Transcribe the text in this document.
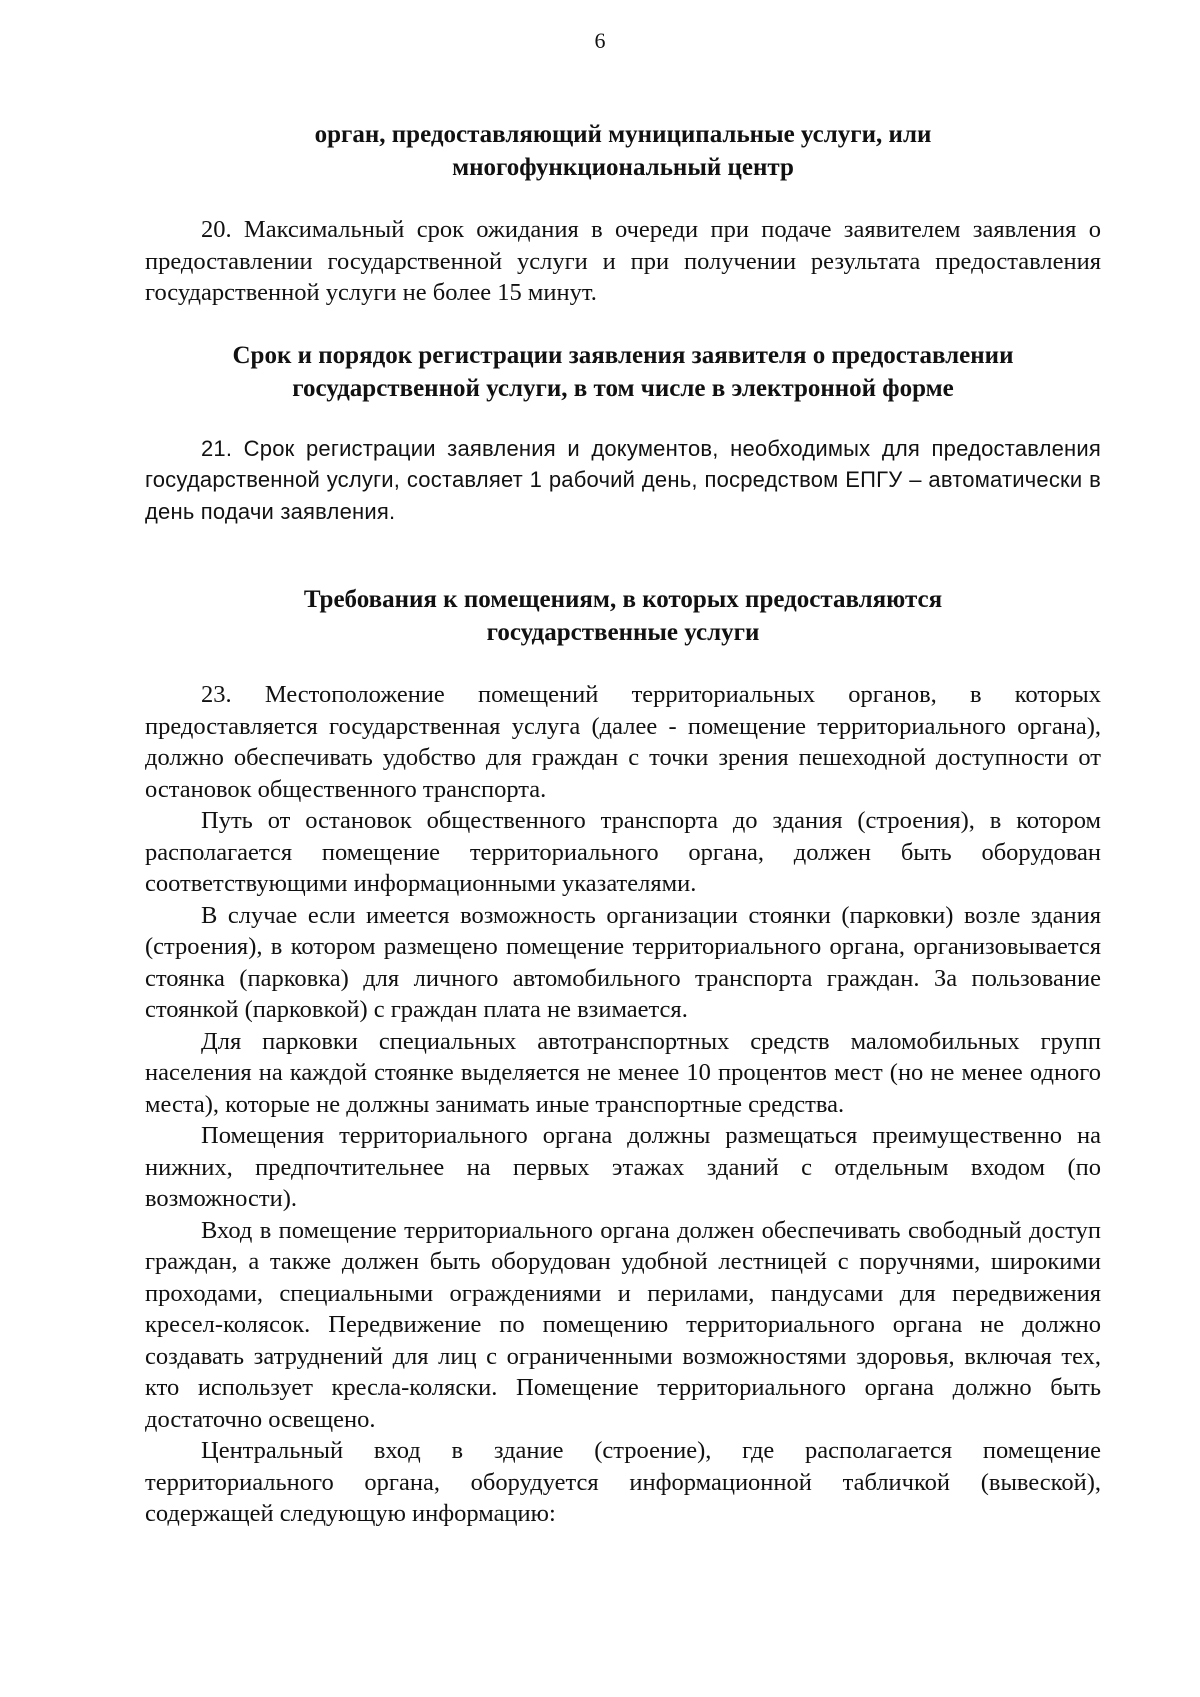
6
орган, предоставляющий муниципальные услуги, или
многофункциональный центр

20. Максимальный срок ожидания в очереди при подаче заявителем заявления о предоставлении государственной услуги и при получении результата предоставления государственной услуги не более 15 минут.

Срок и порядок регистрации заявления заявителя о предоставлении
государственной услуги, в том числе в электронной форме

21. Срок регистрации заявления и документов, необходимых для предоставления государственной услуги, составляет 1 рабочий день, посредством ЕПГУ – автоматически в день подачи заявления.

Требования к помещениям, в которых предоставляются
государственные услуги

23. Местоположение помещений территориальных органов, в которых предоставляется государственная услуга (далее - помещение территориального органа), должно обеспечивать удобство для граждан с точки зрения пешеходной доступности от остановок общественного транспорта.

Путь от остановок общественного транспорта до здания (строения), в котором располагается помещение территориального органа, должен быть оборудован соответствующими информационными указателями.

В случае если имеется возможность организации стоянки (парковки) возле здания (строения), в котором размещено помещение территориального органа, организовывается стоянка (парковка) для личного автомобильного транспорта граждан. За пользование стоянкой (парковкой) с граждан плата не взимается.

Для парковки специальных автотранспортных средств маломобильных групп населения на каждой стоянке выделяется не менее 10 процентов мест (но не менее одного места), которые не должны занимать иные транспортные средства.

Помещения территориального органа должны размещаться преимущественно на нижних, предпочтительнее на первых этажах зданий с отдельным входом (по возможности).

Вход в помещение территориального органа должен обеспечивать свободный доступ граждан, а также должен быть оборудован удобной лестницей с поручнями, широкими проходами, специальными ограждениями и перилами, пандусами для передвижения кресел-колясок. Передвижение по помещению территориального органа не должно создавать затруднений для лиц с ограниченными возможностями здоровья, включая тех, кто использует кресла-коляски. Помещение территориального органа должно быть достаточно освещено.

Центральный вход в здание (строение), где располагается помещение территориального органа, оборудуется информационной табличкой (вывеской), содержащей следующую информацию:
